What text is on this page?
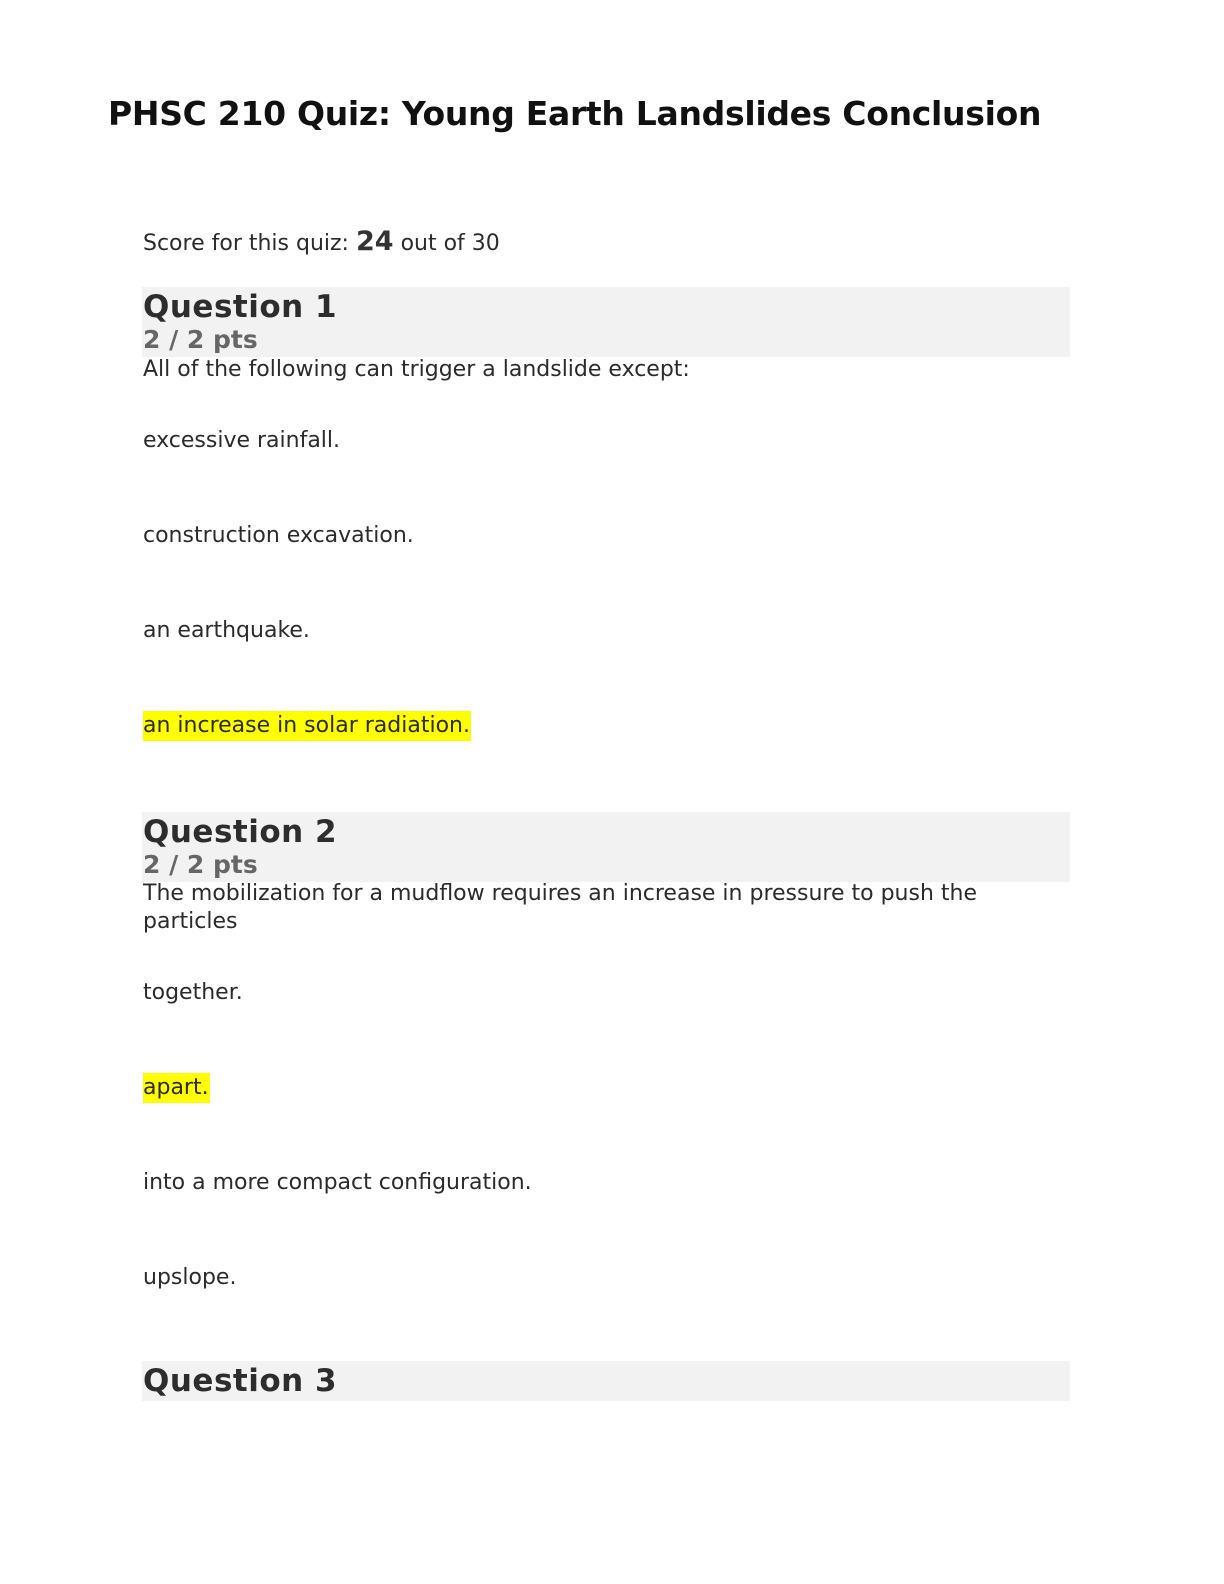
PHSC 210 Quiz: Young Earth Landslides Conclusion
Score for this quiz: 24 out of 30
Question 1
2 / 2 pts
All of the following can trigger a landslide except:
excessive rainfall.
construction excavation.
an earthquake.
an increase in solar radiation.
Question 2
2 / 2 pts
The mobilization for a mudflow requires an increase in pressure to push the particles
together.
apart.
into a more compact configuration.
upslope.
Question 3
